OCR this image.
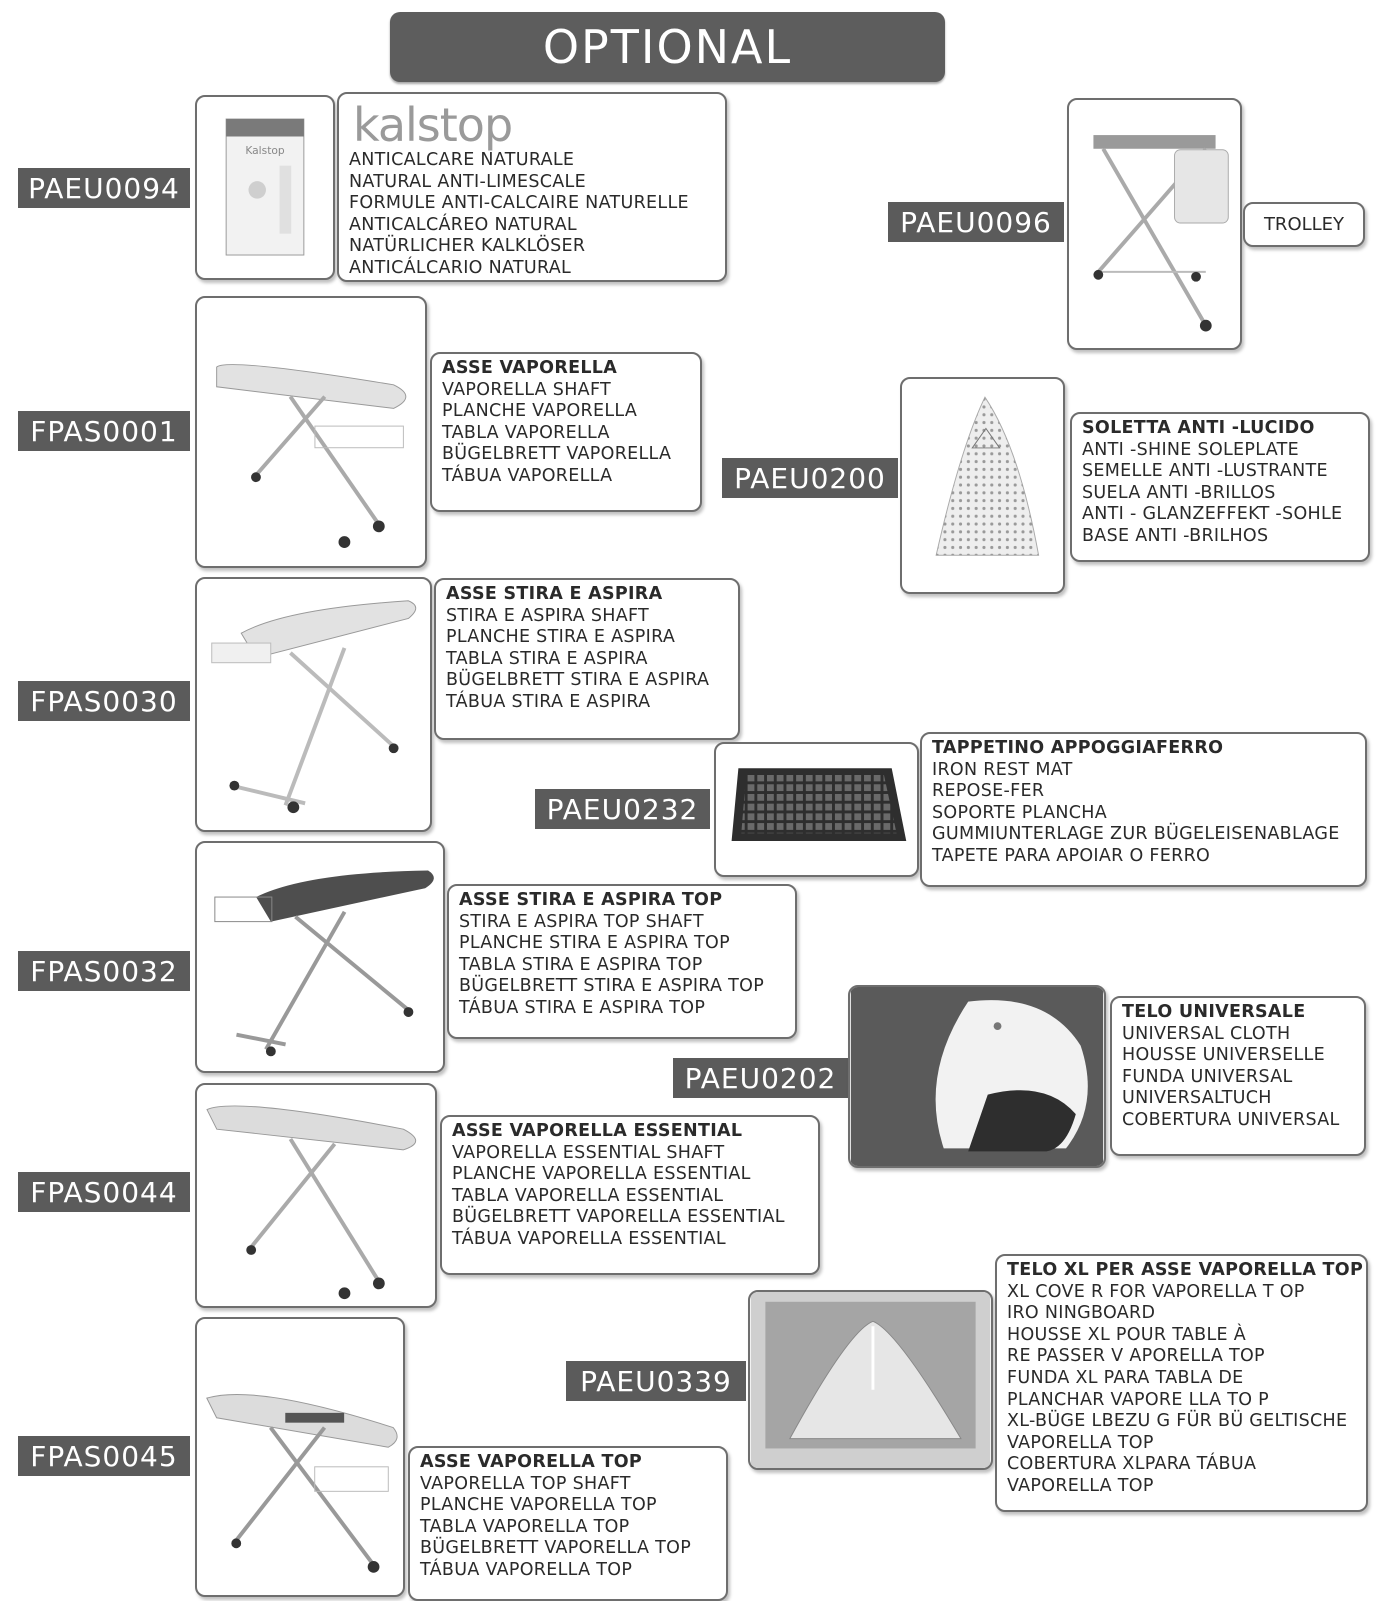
OPTIONAL
PAEU0094
Kalstop kalstop
ANTICALCARE NATURALE
NATURAL ANTI-LIMESCALE
FORMULE ANTI-CALCAIRE NATURELLE
ANTICALCÁREO NATURAL
NATÜRLICHER KALKLÖSER
ANTICÁLCARIO NATURAL
PAEU0096	TROLLEY
FPAS0001
ASSE VAPORELLA
VAPORELLA SHAFT
PLANCHE VAPORELLA
TABLA VAPORELLA
BÜGELBRETT VAPORELLA
TÁBUA VAPORELLA	PAEU0200
SOLETTA ANTI -LUCIDO
ANTI -SHINE SOLEPLATE
SEMELLE ANTI -LUSTRANTE
SUELA ANTI -BRILLOS
ANTI - GLANZEFFEKT -SOHLE
BASE ANTI -BRILHOS
FPAS0030
ASSE STIRA E ASPIRA
STIRA E ASPIRA SHAFT
PLANCHE STIRA E ASPIRA
TABLA STIRA E ASPIRA
BÜGELBRETT STIRA E ASPIRA
TÁBUA STIRA E ASPIRA
PAEU0232
TAPPETINO APPOGGIAFERRO
IRON REST MAT
REPOSE-FER
SOPORTE PLANCHA
GUMMIUNTERLAGE ZUR BÜGELEISENABLAGE
TAPETE PARA APOIAR O FERRO
FPAS0032
ASSE STIRA E ASPIRA TOP
STIRA E ASPIRA TOP SHAFT
PLANCHE STIRA E ASPIRA TOP
TABLA STIRA E ASPIRA TOP
BÜGELBRETT STIRA E ASPIRA TOP
TÁBUA STIRA E ASPIRA TOP
PAEU0202
TELO UNIVERSALE
UNIVERSAL CLOTH
HOUSSE UNIVERSELLE
FUNDA UNIVERSAL
UNIVERSALTUCH
COBERTURA UNIVERSAL
FPAS0044
ASSE VAPORELLA ESSENTIAL
VAPORELLA ESSENTIAL SHAFT
PLANCHE VAPORELLA ESSENTIAL
TABLA VAPORELLA ESSENTIAL
BÜGELBRETT VAPORELLA ESSENTIAL
TÁBUA VAPORELLA ESSENTIAL
PAEU0339
TELO XL PER ASSE VAPORELLA TOP
XL COVE R FOR VAPORELLA T OP
IRO NINGBOARD
HOUSSE XL POUR TABLE À
RE PASSER V APORELLA TOP
FUNDA XL PARA TABLA DE
PLANCHAR VAPORE LLA TO P
XL-BÜGE LBEZU G FÜR BÜ GELTISCHE
VAPORELLA TOP
COBERTURA XLPARA TÁBUA
VAPORELLA TOP
FPAS0045	ASSE VAPORELLA TOP
VAPORELLA TOP SHAFT
PLANCHE VAPORELLA TOP
TABLA VAPORELLA TOP
BÜGELBRETT VAPORELLA TOP
TÁBUA VAPORELLA TOP
